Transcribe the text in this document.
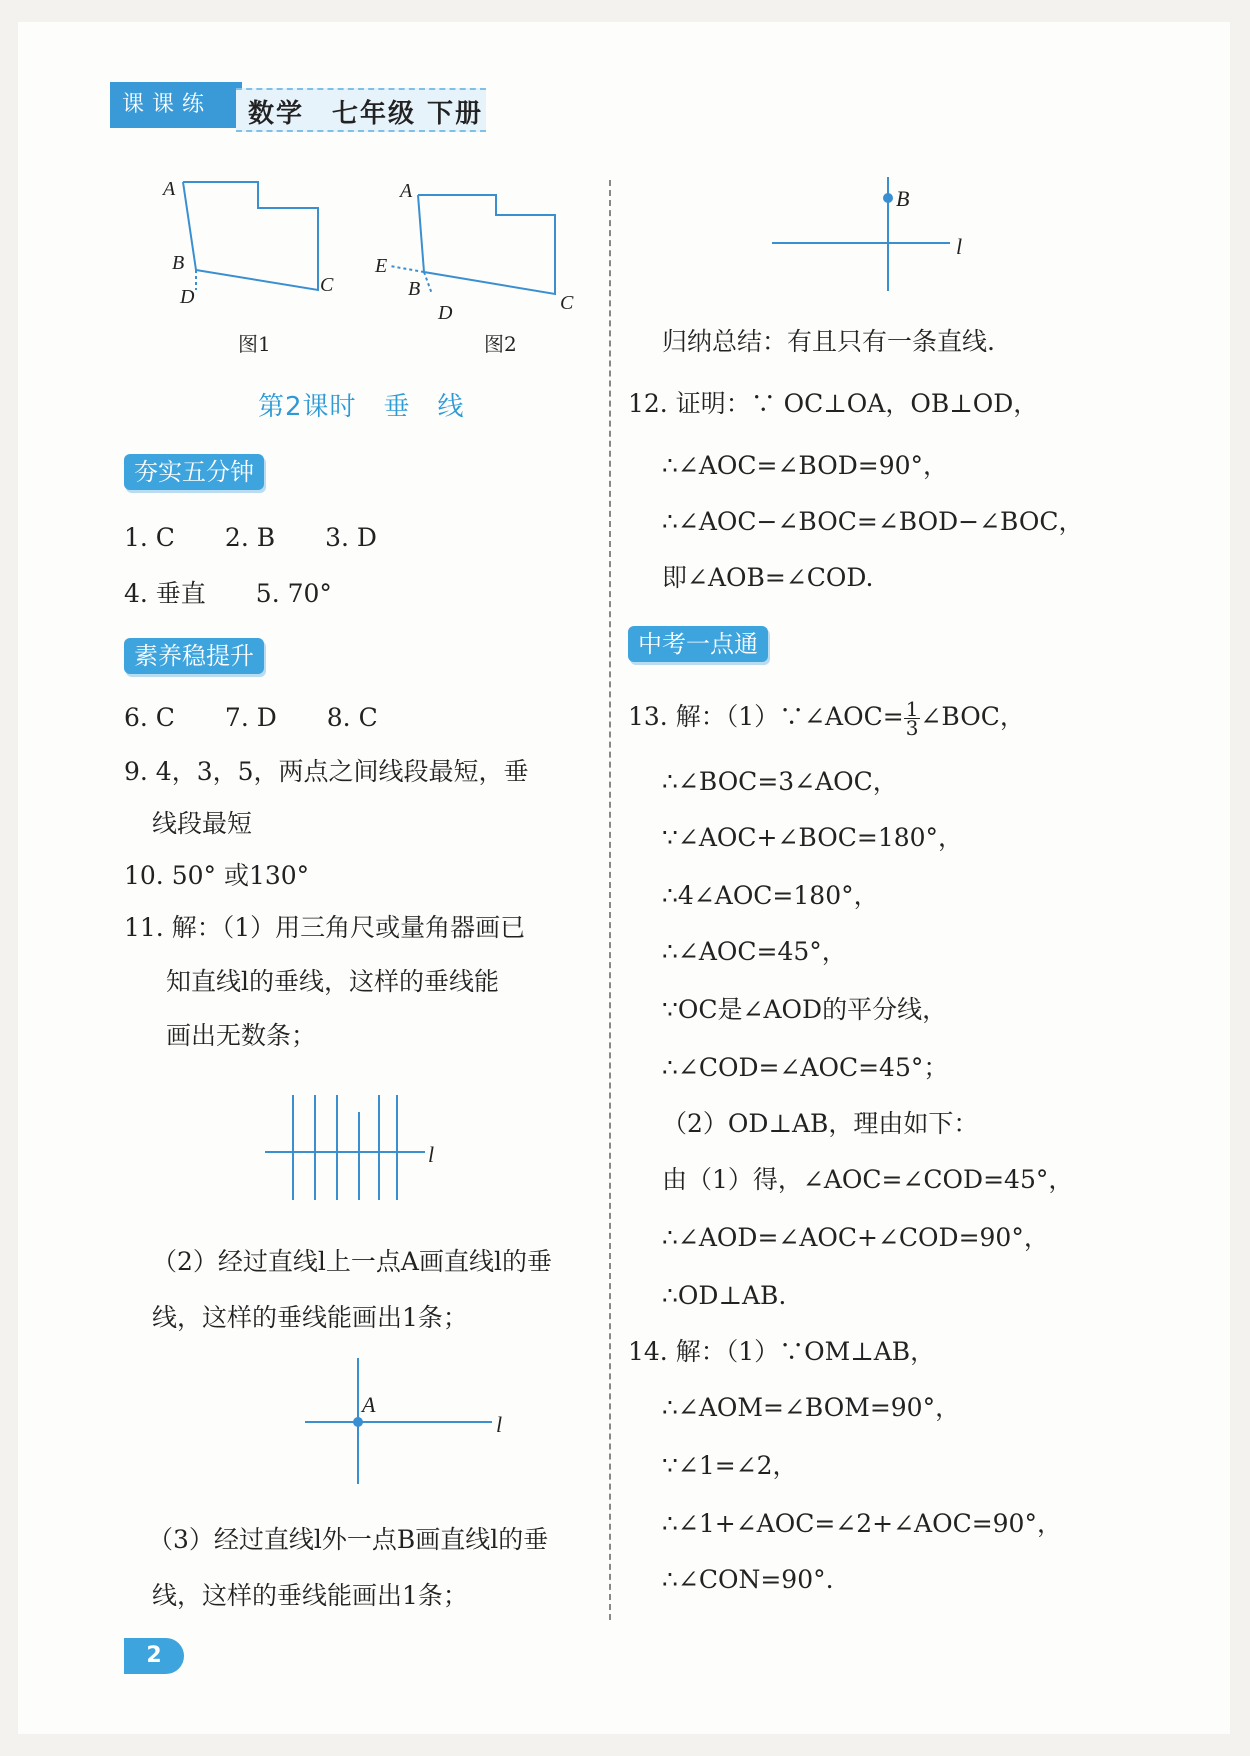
课课练	数学　七年级 下册
A
B
D
C
A
E
B
D	C
图1	图2
第2课时　垂　线
夯实五分钟
1. C　　2. B　　3. D
4. 垂直　　5. 70°
素养稳提升
6. C　　7. D　　8. C
9. 4，3，5，两点之间线段最短，垂
线段最短
10. 50° 或130°
11. 解：（1）用三角尺或量角器画已
知直线l的垂线，这样的垂线能
画出无数条；
l
（2）经过直线l上一点A画直线l的垂
线，这样的垂线能画出1条；
A
l
（3）经过直线l外一点B画直线l的垂
线，这样的垂线能画出1条；
B
l
归纳总结：有且只有一条直线.
12. 证明：∵ OC⊥OA，OB⊥OD，
∴∠AOC=∠BOD=90°，
∴∠AOC−∠BOC=∠BOD−∠BOC，
即∠AOB=∠COD.
中考一点通
13. 解：（1）∵∠AOC= $\frac{1}{3}$ ∠BOC，
∴∠BOC=3∠AOC，
∵∠AOC+∠BOC=180°，
∴4∠AOC=180°，
∴∠AOC=45°，
∵OC是∠AOD的平分线，
∴∠COD=∠AOC=45°；
（2）OD⊥AB，理由如下：
由（1）得，∠AOC=∠COD=45°，
∴∠AOD=∠AOC+∠COD=90°，
∴OD⊥AB.
14. 解：（1）∵OM⊥AB，
∴∠AOM=∠BOM=90°，
∵∠1=∠2，
∴∠1+∠AOC=∠2+∠AOC=90°，
∴∠CON=90°.
2
